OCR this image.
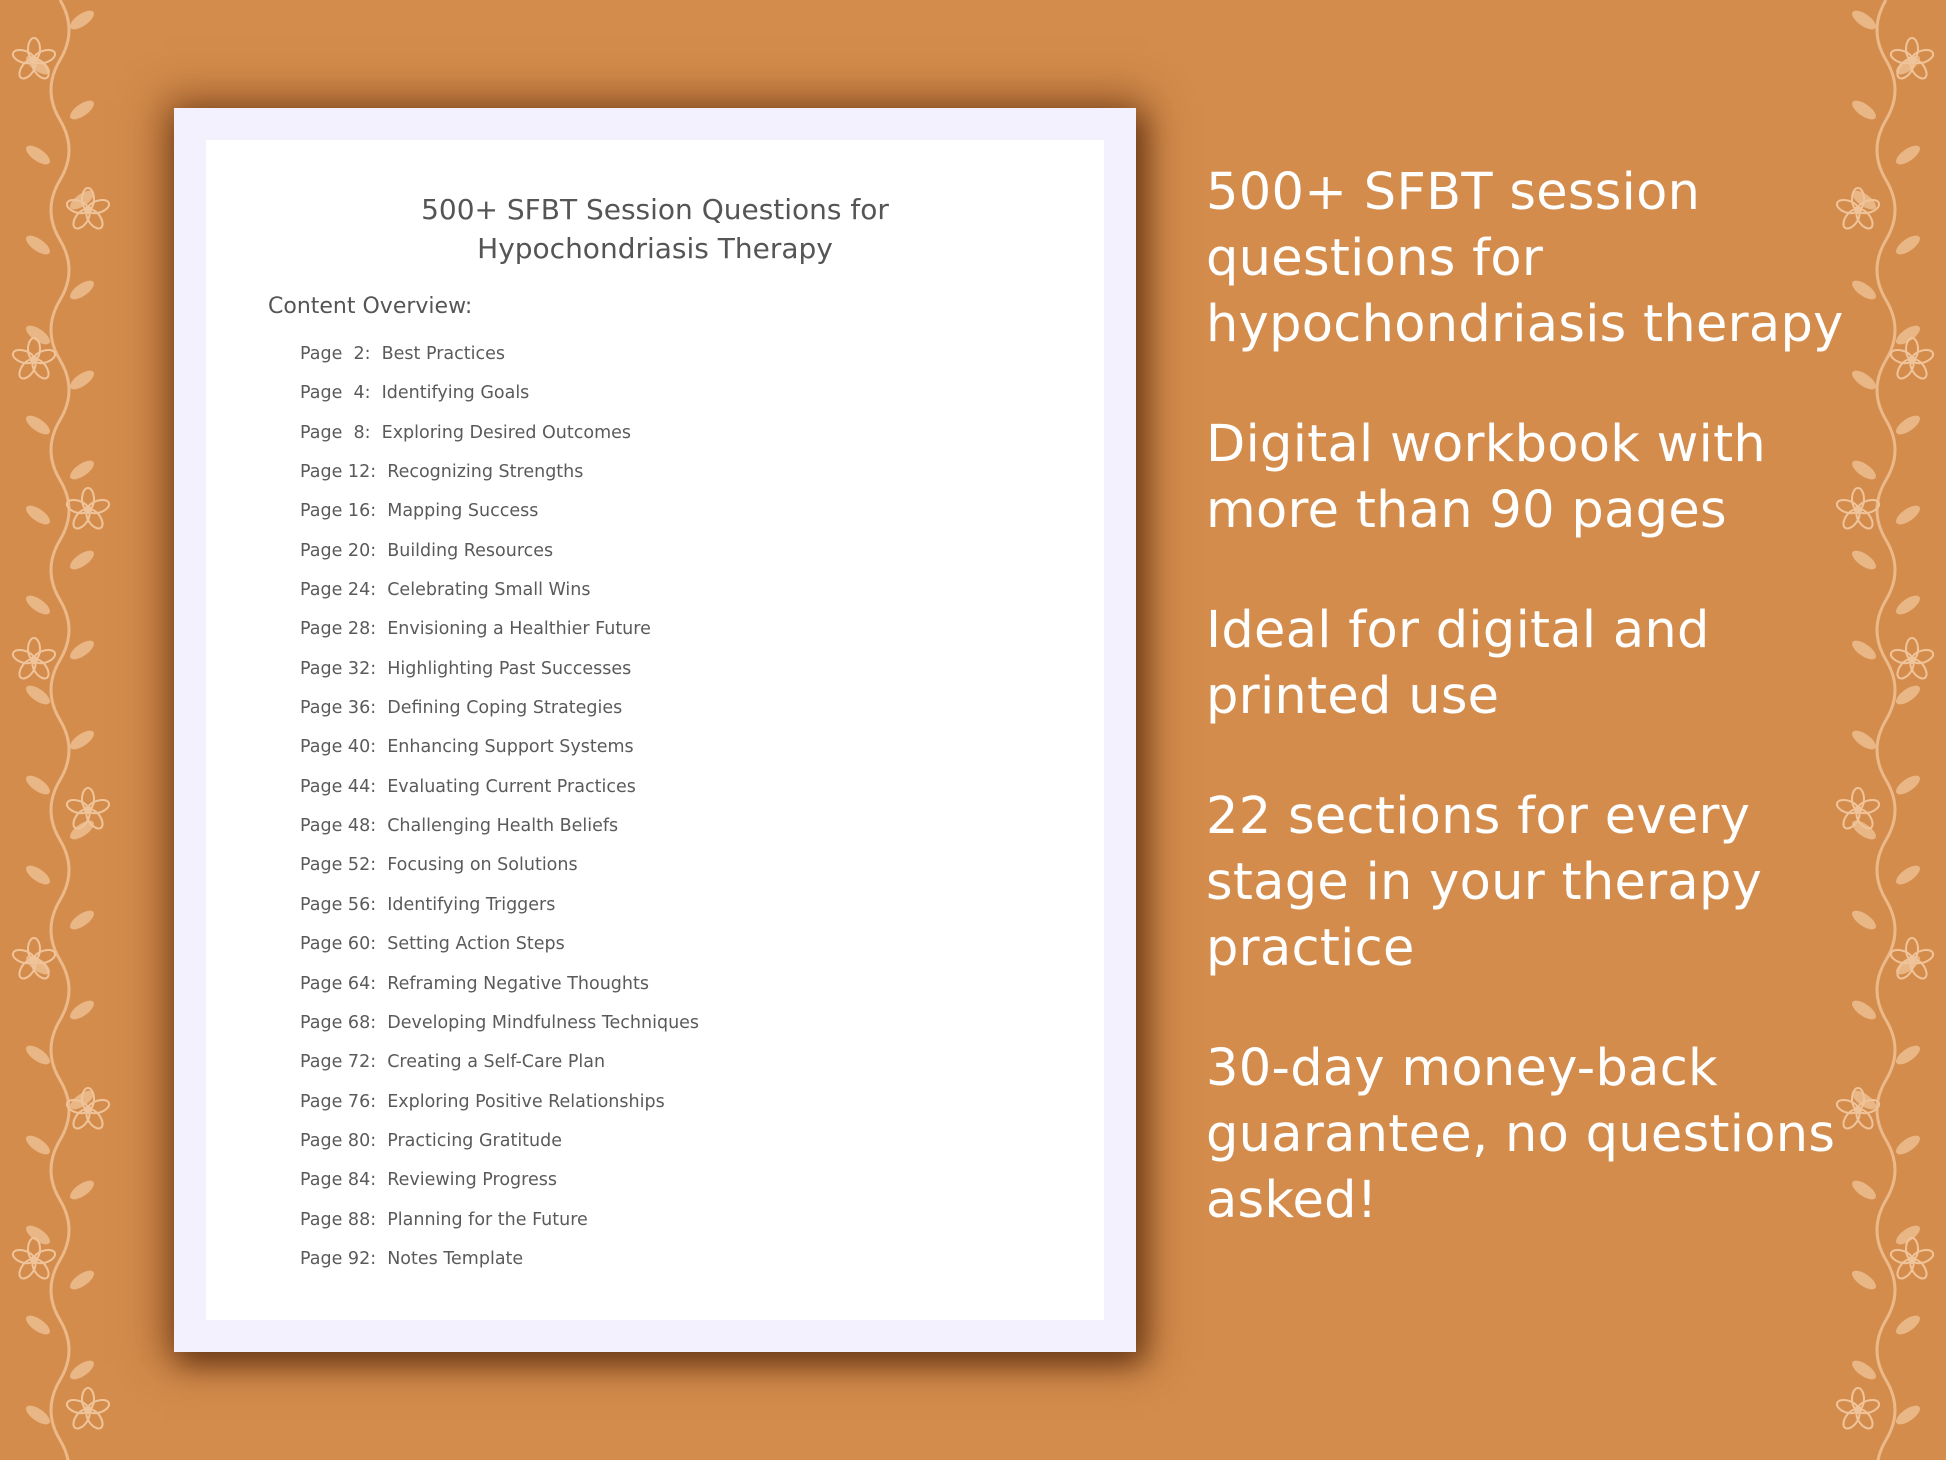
500+ SFBT Session Questions for
Hypochondriasis Therapy
Content Overview:
Page  2:  Best Practices
Page  4:  Identifying Goals
Page  8:  Exploring Desired Outcomes
Page 12:  Recognizing Strengths
Page 16:  Mapping Success
Page 20:  Building Resources
Page 24:  Celebrating Small Wins
Page 28:  Envisioning a Healthier Future
Page 32:  Highlighting Past Successes
Page 36:  Defining Coping Strategies
Page 40:  Enhancing Support Systems
Page 44:  Evaluating Current Practices
Page 48:  Challenging Health Beliefs
Page 52:  Focusing on Solutions
Page 56:  Identifying Triggers
Page 60:  Setting Action Steps
Page 64:  Reframing Negative Thoughts
Page 68:  Developing Mindfulness Techniques
Page 72:  Creating a Self-Care Plan
Page 76:  Exploring Positive Relationships
Page 80:  Practicing Gratitude
Page 84:  Reviewing Progress
Page 88:  Planning for the Future
Page 92:  Notes Template
500+ SFBT session questions for hypochondriasis therapy
Digital workbook with more than 90 pages
Ideal for digital and printed use
22 sections for every stage in your therapy practice
30-day money-back guarantee, no questions asked!
